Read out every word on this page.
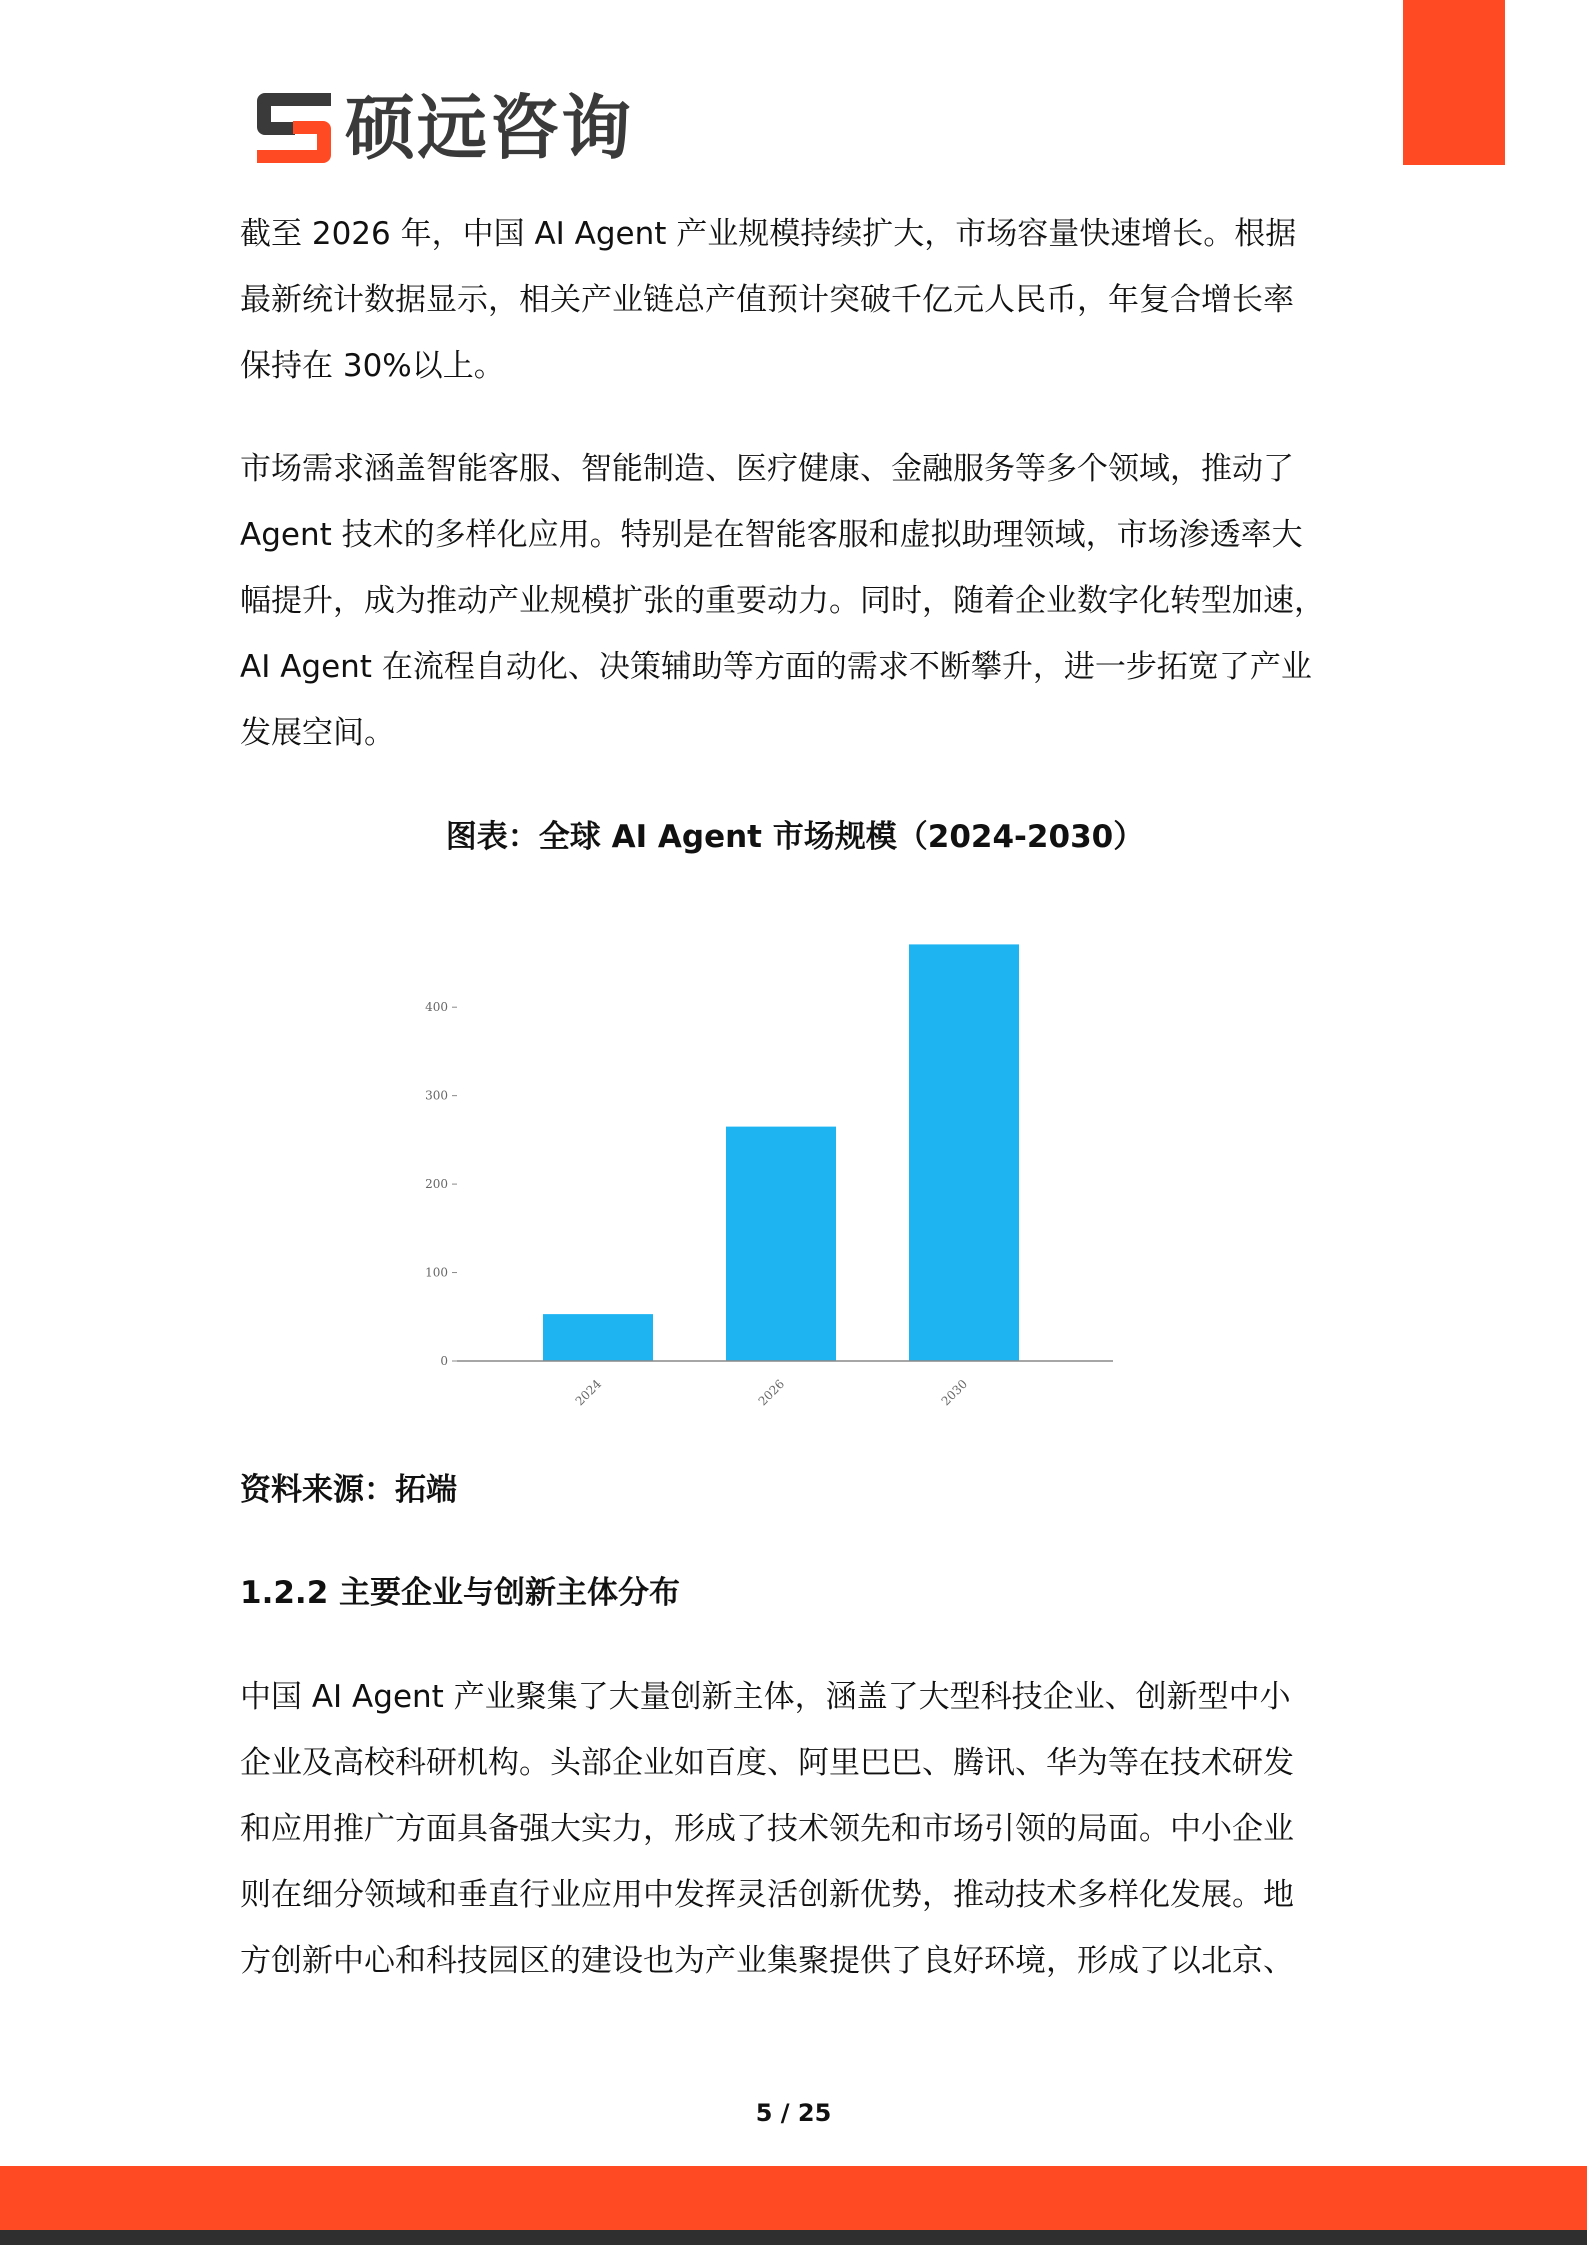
硕远咨询
截至 2026 年，中国 AI Agent 产业规模持续扩大，市场容量快速增长。根据
最新统计数据显示，相关产业链总产值预计突破千亿元人民币，年复合增长率
保持在 30%以上。
市场需求涵盖智能客服、智能制造、医疗健康、金融服务等多个领域，推动了
Agent 技术的多样化应用。特别是在智能客服和虚拟助理领域，市场渗透率大
幅提升，成为推动产业规模扩张的重要动力。同时，随着企业数字化转型加速，
AI Agent 在流程自动化、决策辅助等方面的需求不断攀升，进一步拓宽了产业
发展空间。
图表：全球 AI Agent 市场规模（2024-2030）
0
100
200
300
400
2024	2026	2030
资料来源：拓端
1.2.2 主要企业与创新主体分布
中国 AI Agent 产业聚集了大量创新主体，涵盖了大型科技企业、创新型中小
企业及高校科研机构。头部企业如百度、阿里巴巴、腾讯、华为等在技术研发
和应用推广方面具备强大实力，形成了技术领先和市场引领的局面。中小企业
则在细分领域和垂直行业应用中发挥灵活创新优势，推动技术多样化发展。地
方创新中心和科技园区的建设也为产业集聚提供了良好环境，形成了以北京、
5 / 25
